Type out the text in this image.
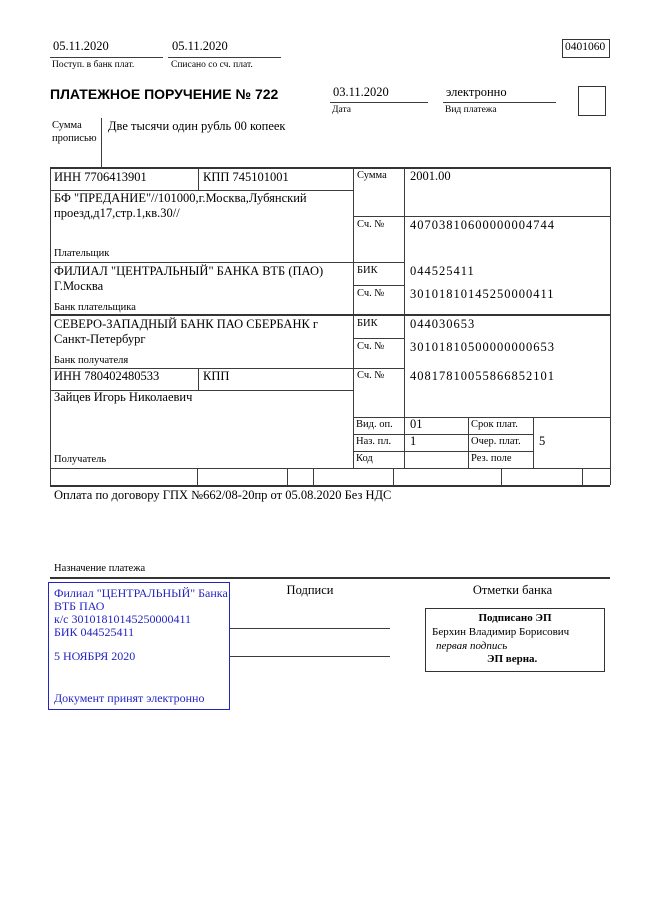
05.11.2020
Поступ. в банк плат.
05.11.2020
Списано со сч. плат.
0401060
ПЛАТЕЖНОЕ ПОРУЧЕНИЕ № 722	03.11.2020
Дата
электронно
Вид платежа
Сумма
прописью
Две тысячи один рубль 00 копеек
ИНН 7706413901	КПП 745101001
БФ "ПРЕДАНИЕ"//101000,г.Москва,Лубянский
проезд,д17,стр.1,кв.30//
Плательщик
Сумма 2001.00
Сч. № 40703810600000004744
ФИЛИАЛ "ЦЕНТРАЛЬНЫЙ" БАНКА ВТБ (ПАО)
Г.Москва
Банк плательщика
БИК	044525411
Сч. № 30101810145250000411
СЕВЕРО-ЗАПАДНЫЙ БАНК ПАО СБЕРБАНК г
Санкт-Петербург
Банк получателя
БИК	044030653
Сч. № 30101810500000000653
ИНН 780402480533	КПП
Зайцев Игорь Николаевич
Получатель
Сч. № 40817810055866852101
Вид. оп. 01	Срок плат.
Наз. пл. 1	Очер. плат. 5
Код	Рез. поле
Оплата по договору ГПХ №662/08-20пр от 05.08.2020 Без НДС
Назначение платежа
Филиал "ЦЕНТРАЛЬНЫЙ" Банка
ВТБ ПАО
к/с 30101810145250000411
БИК 044525411
5 НОЯБРЯ 2020
Документ принят электронно
Подписи	Отметки банка
Подписано ЭП
Берхин Владимир Борисович
первая подпись
ЭП верна.
